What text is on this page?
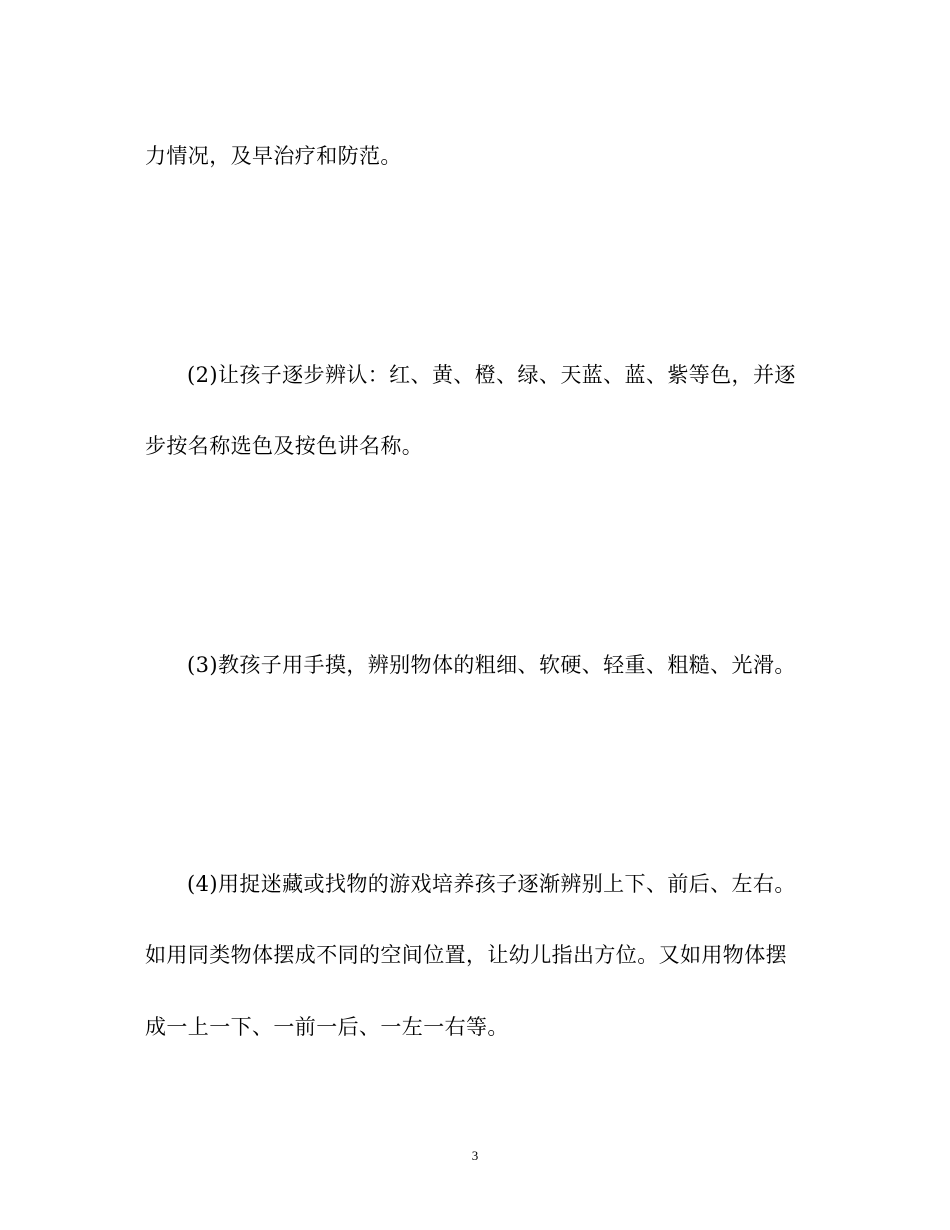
力情况，及早治疗和防范。
(2)让孩子逐步辨认：红、黄、橙、绿、天蓝、蓝、紫等色，并逐
步按名称选色及按色讲名称。
(3)教孩子用手摸，辨别物体的粗细、软硬、轻重、粗糙、光滑。
(4)用捉迷藏或找物的游戏培养孩子逐渐辨别上下、前后、左右。
如用同类物体摆成不同的空间位置，让幼儿指出方位。又如用物体摆
成一上一下、一前一后、一左一右等。
3
